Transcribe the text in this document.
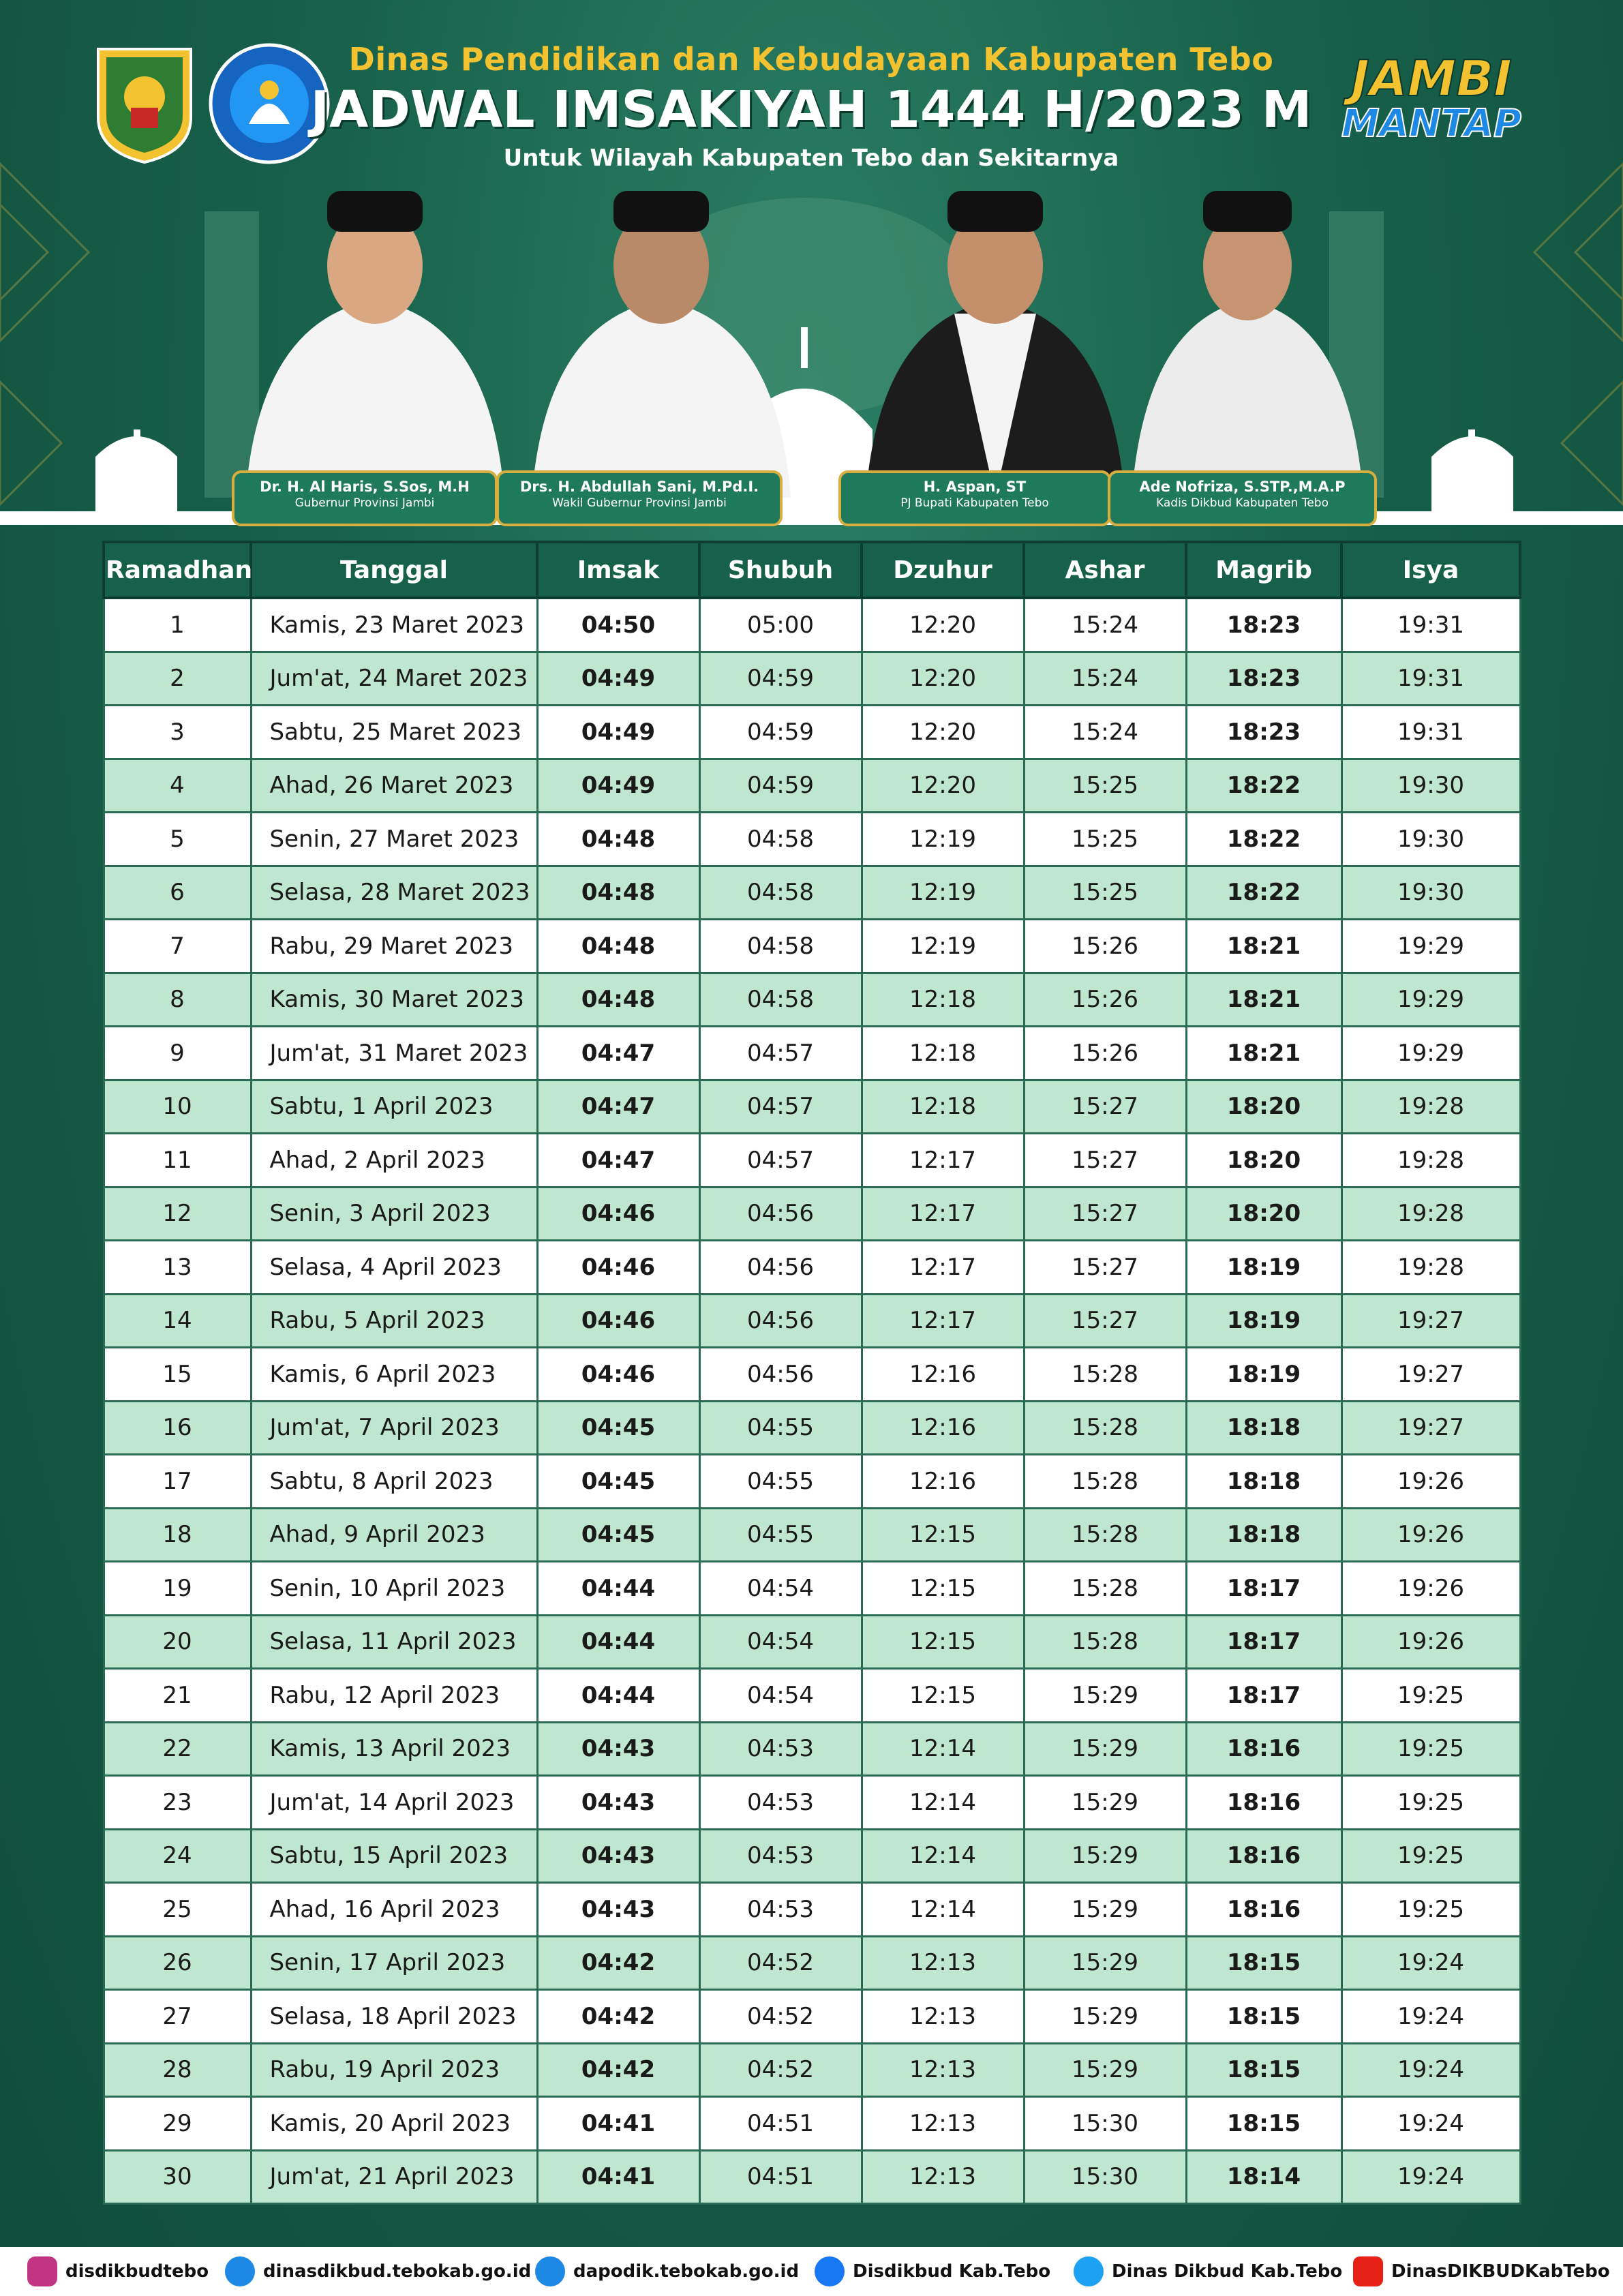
Dinas Pendidikan dan Kebudayaan Kabupaten Tebo
JADWAL IMSAKIYAH 1444 H/2023 M
Untuk Wilayah Kabupaten Tebo dan Sekitarnya
JAMBI
MANTAP
Dr. H. Al Haris, S.Sos, M.H
Gubernur Provinsi Jambi
Drs. H. Abdullah Sani, M.Pd.I.
Wakil Gubernur Provinsi Jambi
H. Aspan, ST
PJ Bupati Kabupaten Tebo
Ade Nofriza, S.STP.,M.A.P
Kadis Dikbud Kabupaten Tebo
Ramadhan	Tanggal	Imsak	Shubuh	Dzuhur	Ashar	Magrib	Isya
1	Kamis, 23 Maret 2023	04:50	05:00	12:20	15:24	18:23	19:31
2	Jum'at, 24 Maret 2023	04:49	04:59	12:20	15:24	18:23	19:31
3	Sabtu, 25 Maret 2023	04:49	04:59	12:20	15:24	18:23	19:31
4	Ahad, 26 Maret 2023	04:49	04:59	12:20	15:25	18:22	19:30
5	Senin, 27 Maret 2023	04:48	04:58	12:19	15:25	18:22	19:30
6	Selasa, 28 Maret 2023	04:48	04:58	12:19	15:25	18:22	19:30
7	Rabu, 29 Maret 2023	04:48	04:58	12:19	15:26	18:21	19:29
8	Kamis, 30 Maret 2023	04:48	04:58	12:18	15:26	18:21	19:29
9	Jum'at, 31 Maret 2023	04:47	04:57	12:18	15:26	18:21	19:29
10	Sabtu, 1 April 2023	04:47	04:57	12:18	15:27	18:20	19:28
11	Ahad, 2 April 2023	04:47	04:57	12:17	15:27	18:20	19:28
12	Senin, 3 April 2023	04:46	04:56	12:17	15:27	18:20	19:28
13	Selasa, 4 April 2023	04:46	04:56	12:17	15:27	18:19	19:28
14	Rabu, 5 April 2023	04:46	04:56	12:17	15:27	18:19	19:27
15	Kamis, 6 April 2023	04:46	04:56	12:16	15:28	18:19	19:27
16	Jum'at, 7 April 2023	04:45	04:55	12:16	15:28	18:18	19:27
17	Sabtu, 8 April 2023	04:45	04:55	12:16	15:28	18:18	19:26
18	Ahad, 9 April 2023	04:45	04:55	12:15	15:28	18:18	19:26
19	Senin, 10 April 2023	04:44	04:54	12:15	15:28	18:17	19:26
20	Selasa, 11 April 2023	04:44	04:54	12:15	15:28	18:17	19:26
21	Rabu, 12 April 2023	04:44	04:54	12:15	15:29	18:17	19:25
22	Kamis, 13 April 2023	04:43	04:53	12:14	15:29	18:16	19:25
23	Jum'at, 14 April 2023	04:43	04:53	12:14	15:29	18:16	19:25
24	Sabtu, 15 April 2023	04:43	04:53	12:14	15:29	18:16	19:25
25	Ahad, 16 April 2023	04:43	04:53	12:14	15:29	18:16	19:25
26	Senin, 17 April 2023	04:42	04:52	12:13	15:29	18:15	19:24
27	Selasa, 18 April 2023	04:42	04:52	12:13	15:29	18:15	19:24
28	Rabu, 19 April 2023	04:42	04:52	12:13	15:29	18:15	19:24
29	Kamis, 20 April 2023	04:41	04:51	12:13	15:30	18:15	19:24
30	Jum'at, 21 April 2023	04:41	04:51	12:13	15:30	18:14	19:24
disdikbudtebo	dinasdikbud.tebokab.go.id dapodik.tebokab.go.id	Disdikbud Kab.Tebo	Dinas Dikbud Kab.Tebo	DinasDIKBUDKabTebo
